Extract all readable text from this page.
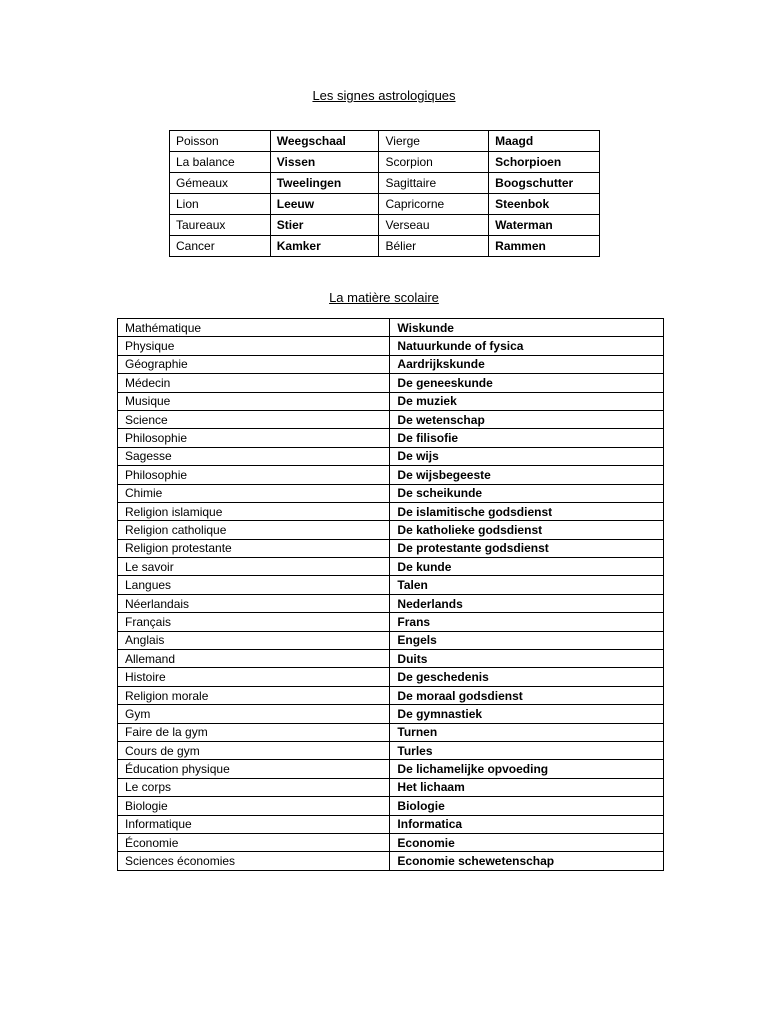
Les signes astrologiques
Poisson	Weegschaal	Vierge	Maagd
La balance	Vissen	Scorpion	Schorpioen
Gémeaux	Tweelingen	Sagittaire	Boogschutter
Lion	Leeuw	Capricorne	Steenbok
Taureaux	Stier	Verseau	Waterman
Cancer	Kamker	Bélier	Rammen
La matière scolaire
Mathématique	Wiskunde
Physique	Natuurkunde of fysica
Géographie	Aardrijkskunde
Médecin	De geneeskunde
Musique	De muziek
Science	De wetenschap
Philosophie	De filisofie
Sagesse	De wijs
Philosophie	De wijsbegeeste
Chimie	De scheikunde
Religion islamique	De islamitische godsdienst
Religion catholique	De katholieke godsdienst
Religion protestante	De protestante godsdienst
Le savoir	De kunde
Langues	Talen
Néerlandais	Nederlands
Français	Frans
Anglais	Engels
Allemand	Duits
Histoire	De geschedenis
Religion morale	De moraal godsdienst
Gym	De gymnastiek
Faire de la gym	Turnen
Cours de gym	Turles
Éducation physique	De lichamelijke opvoeding
Le corps	Het lichaam
Biologie	Biologie
Informatique	Informatica
Économie	Economie
Sciences économies	Economie schewetenschap
